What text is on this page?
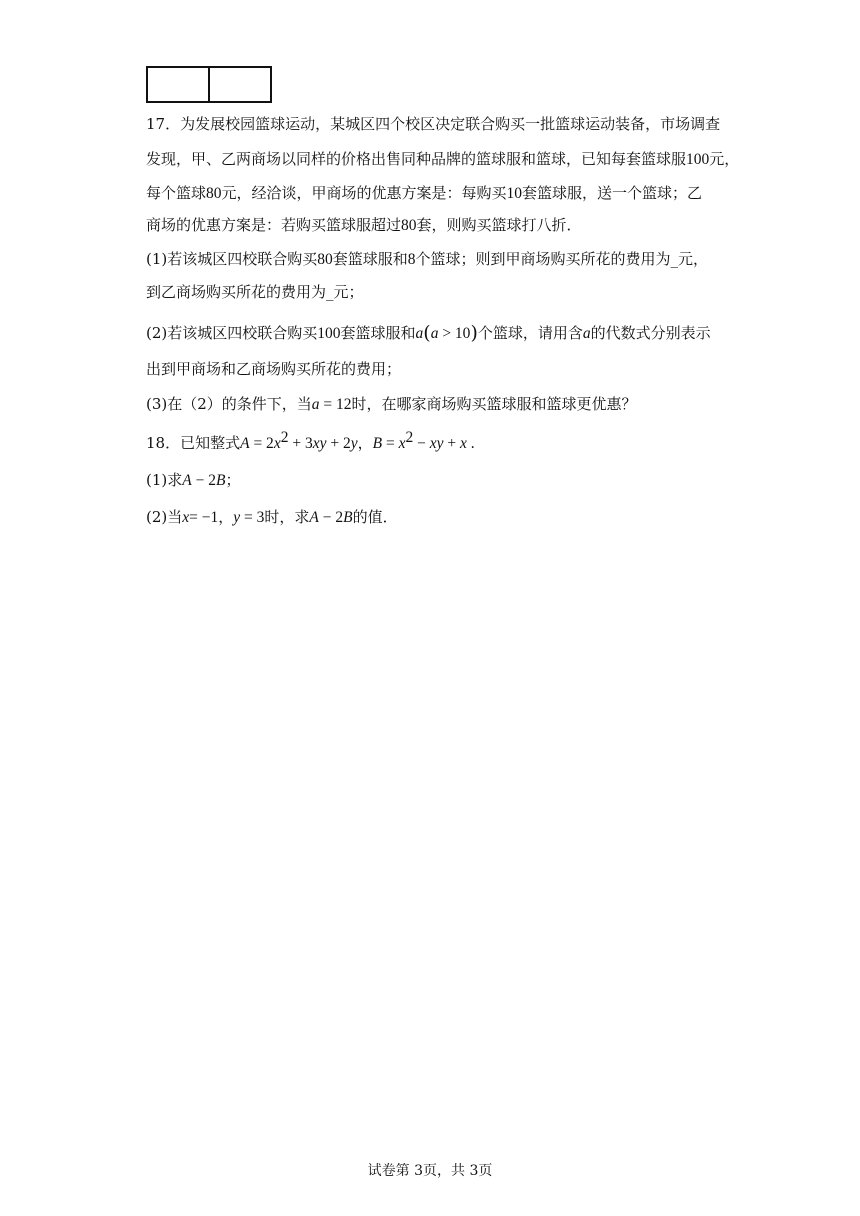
17．为发展校园篮球运动，某城区四个校区决定联合购买一批篮球运动装备，市场调查
发现，甲、乙两商场以同样的价格出售同种品牌的篮球服和篮球，已知每套篮球服100元，
每个篮球80元，经洽谈，甲商场的优惠方案是：每购买10套篮球服，送一个篮球；乙
商场的优惠方案是：若购买篮球服超过80套，则购买篮球打八折．
(1)若该城区四校联合购买80套篮球服和8个篮球；则到甲商场购买所花的费用为_元，
到乙商场购买所花的费用为_元；
(2)若该城区四校联合购买100套篮球服和a(a > 10)个篮球，请用含a的代数式分别表示
出到甲商场和乙商场购买所花的费用；
(3)在（2）的条件下，当a = 12时，在哪家商场购买篮球服和篮球更优惠？
18．已知整式$A = 2x^2 + 3xy + 2y$，$B = x^2$ − xy + x .
(1)求A − 2B；
(2)当x= −1，y = 3时，求A − 2B的值．
试卷第 3页，共 3页
